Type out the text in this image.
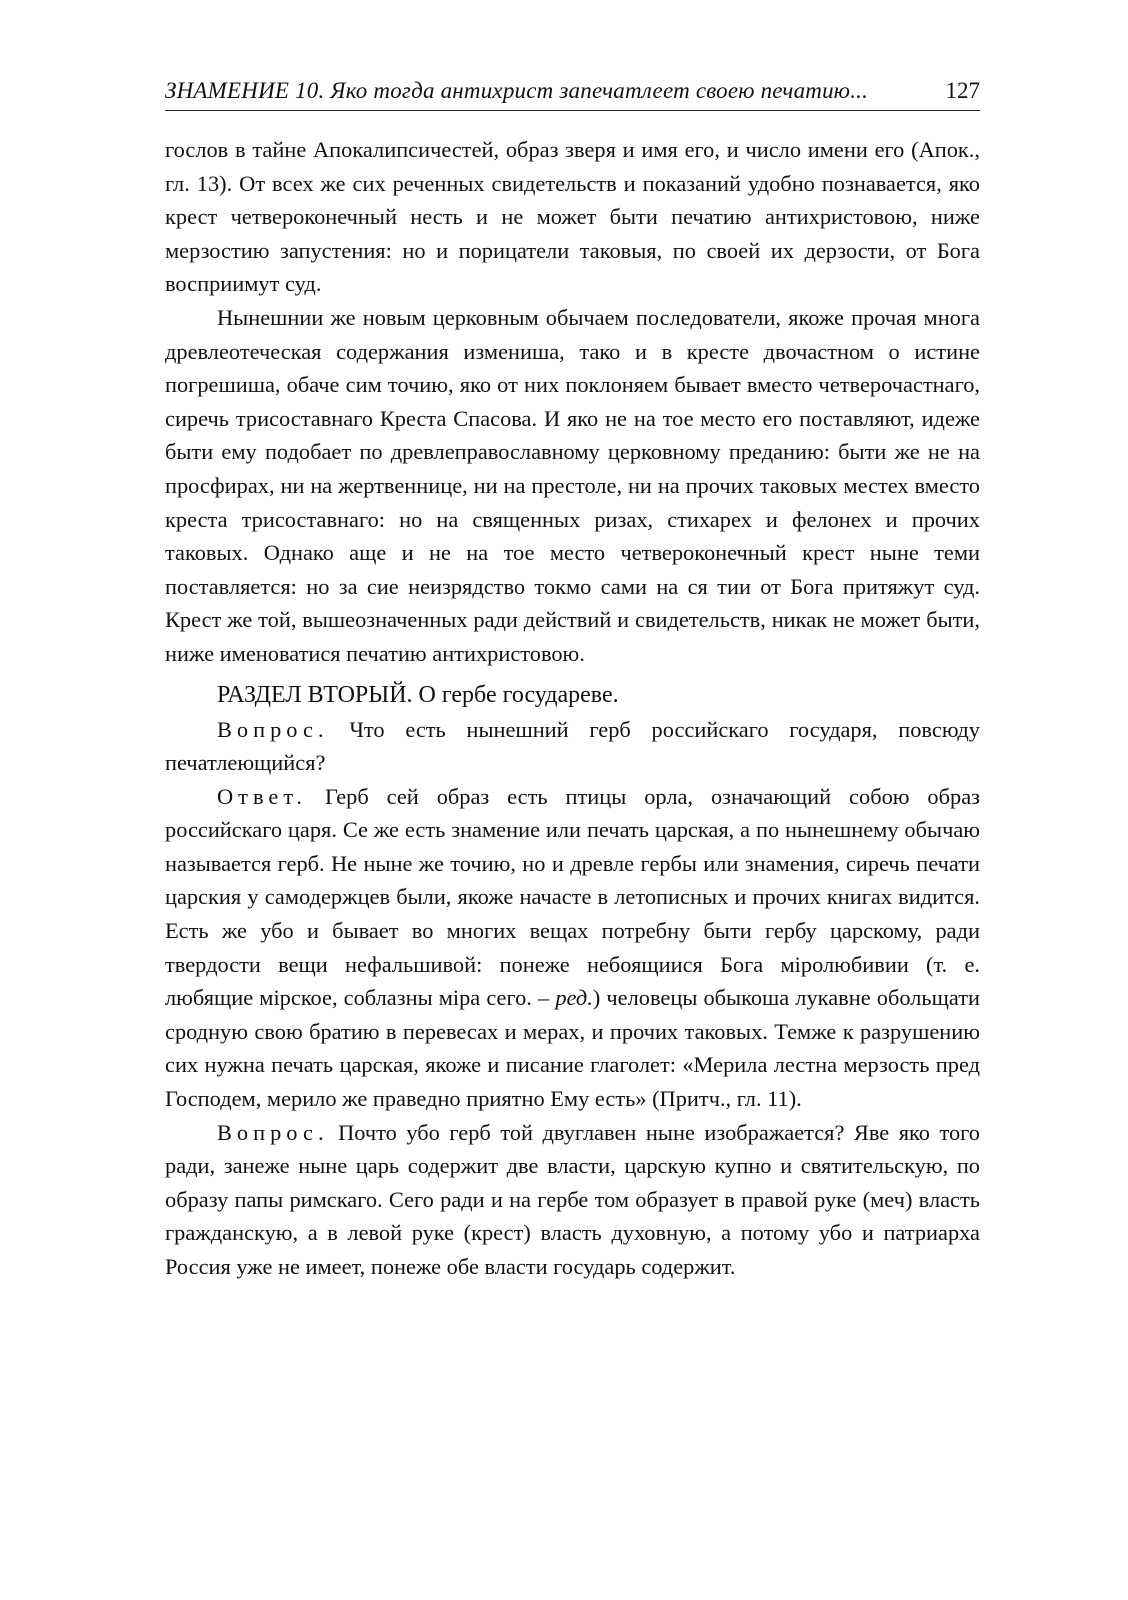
ЗНАМЕНИЕ 10. Яко тогда антихрист запечатлеет своею печатию...	127

гослов в тайне Апокалипсичестей, образ зверя и имя его, и число имени его (Апок., гл. 13). От всех же сих реченных свидетельств и показаний удобно познавается, яко крест четвероконечный несть и не может быти печатию антихристовою, ниже мерзостию запустения: но и порицатели таковыя, по своей их дерзости, от Бога восприимут суд.

Нынешнии же новым церковным обычаем последователи, якоже прочая многа древлеотеческая содержания измениша, тако и в кресте двочастном о истине погрешиша, обаче сим точию, яко от них поклоняем бывает вместо четверочастнаго, сиречь трисоставнаго Креста Спасова. И яко не на тое место его поставляют, идеже быти ему подобает по древлеправославному церковному преданию: быти же не на просфирах, ни на жертвеннице, ни на престоле, ни на прочих таковых местех вместо креста трисоставнаго: но на священных ризах, стихарех и фелонех и прочих таковых. Однако аще и не на тое место четвероконечный крест ныне теми поставляется: но за сие неизрядство токмо сами на ся тии от Бога притяжут суд. Крест же той, вышеозначенных ради действий и свидетельств, никак не может быти, ниже именоватися печатию антихристовою.

РАЗДЕЛ ВТОРЫЙ. О гербе государеве.

Вопрос. Что есть нынешний герб российскаго государя, повсюду печатлеющийся?

Ответ. Герб сей образ есть птицы орла, означающий собою образ российскаго царя. Се же есть знамение или печать царская, а по нынешнему обычаю называется герб. Не ныне же точию, но и древле гербы или знамения, сиречь печати царския у самодержцев были, якоже начасте в летописных и прочих книгах видится. Есть же убо и бывает во многих вещах потребну быти гербу царскому, ради твердости вещи нефальшивой: понеже небоящиися Бога міролюбивии (т. е. любящие мірское, соблазны міра сего. – ред.) человецы обыкоша лукавне обольщати сродную свою братию в перевесах и мерах, и прочих таковых. Темже к разрушению сих нужна печать царская, якоже и писание глаголет: «Мерила лестна мерзость пред Господем, мерило же праведно приятно Ему есть» (Притч., гл. 11).

Вопрос. Почто убо герб той двуглавен ныне изображается? Яве яко того ради, занеже ныне царь содержит две власти, царскую купно и святительскую, по образу папы римскаго. Сего ради и на гербе том образует в правой руке (меч) власть гражданскую, а в левой руке (крест) власть духовную, а потому убо и патриарха Россия уже не имеет, понеже обе власти государь содержит.
